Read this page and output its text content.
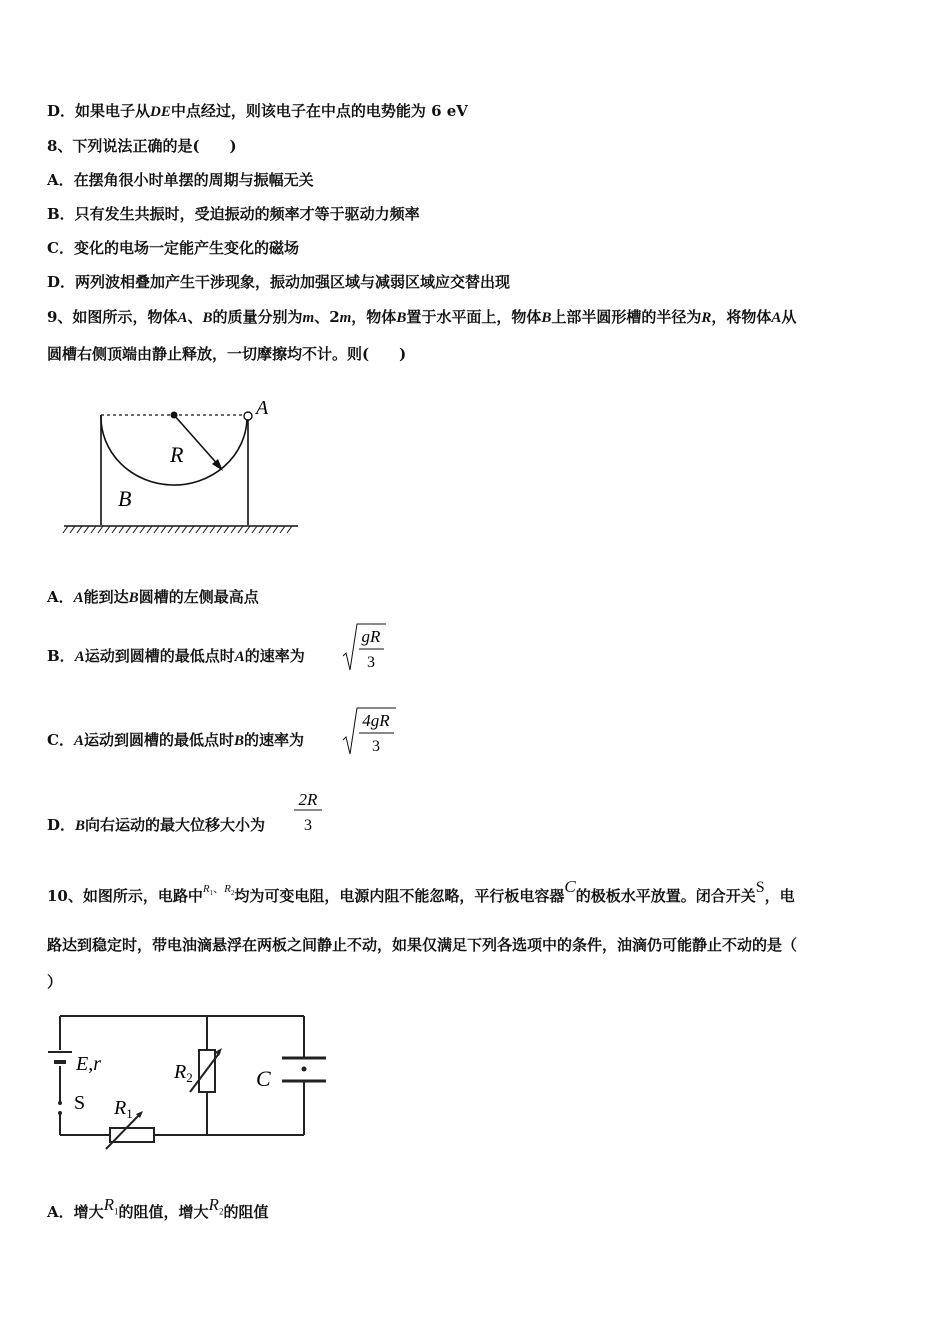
D．如果电子从DE中点经过，则该电子在中点的电势能为 6 eV
8、下列说法正确的是(　　)
A．在摆角很小时单摆的周期与振幅无关
B．只有发生共振时，受迫振动的频率才等于驱动力频率
C．变化的电场一定能产生变化的磁场
D．两列波相叠加产生干涉现象，振动加强区域与减弱区域应交替出现
9、如图所示，物体A、B的质量分别为m、2m，物体B置于水平面上，物体B上部半圆形槽的半径为R，将物体A从
圆槽右侧顶端由静止释放，一切摩擦均不计。则(　　)
A
R
B
A．A能到达B圆槽的左侧最高点
B．A运动到圆槽的最低点时A的速率为
gR
3
C．A运动到圆槽的最低点时B的速率为
4gR
3
D．B向右运动的最大位移大小为
2R
3
10、如图所示，电路中$^{R_1、R_2}$均为可变电阻，电源内阻不能忽略，平行板电容器C的极板水平放置。闭合开关S，电
路达到稳定时，带电油滴悬浮在两板之间静止不动，如果仅满足下列各选项中的条件，油滴仍可能静止不动的是（
）
E,r
S
$R_2$
$R_1$
C
A．增大$R_1$的阻值，增大$R_2$的阻值
